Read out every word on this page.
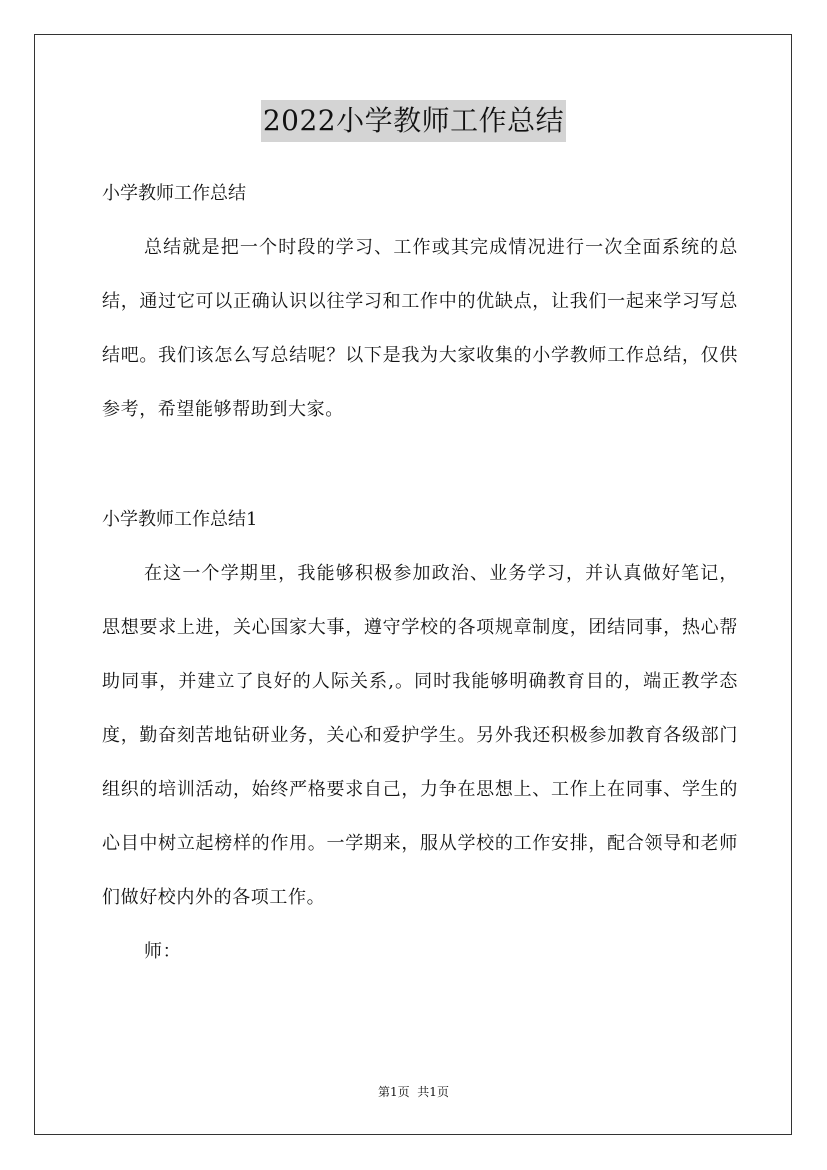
2022小学教师工作总结

小学教师工作总结

总结就是把一个时段的学习、工作或其完成情况进行一次全面系统的总结，通过它可以正确认识以往学习和工作中的优缺点，让我们一起来学习写总结吧。我们该怎么写总结呢？以下是我为大家收集的小学教师工作总结，仅供参考，希望能够帮助到大家。

小学教师工作总结1

在这一个学期里，我能够积极参加政治、业务学习，并认真做好笔记，思想要求上进，关心国家大事，遵守学校的各项规章制度，团结同事，热心帮助同事，并建立了良好的人际关系,。同时我能够明确教育目的，端正教学态度，勤奋刻苦地钻研业务，关心和爱护学生。另外我还积极参加教育各级部门组织的培训活动，始终严格要求自己，力争在思想上、工作上在同事、学生的心目中树立起榜样的作用。一学期来，服从学校的工作安排，配合领导和老师们做好校内外的各项工作。

师：

第1页  共1页
